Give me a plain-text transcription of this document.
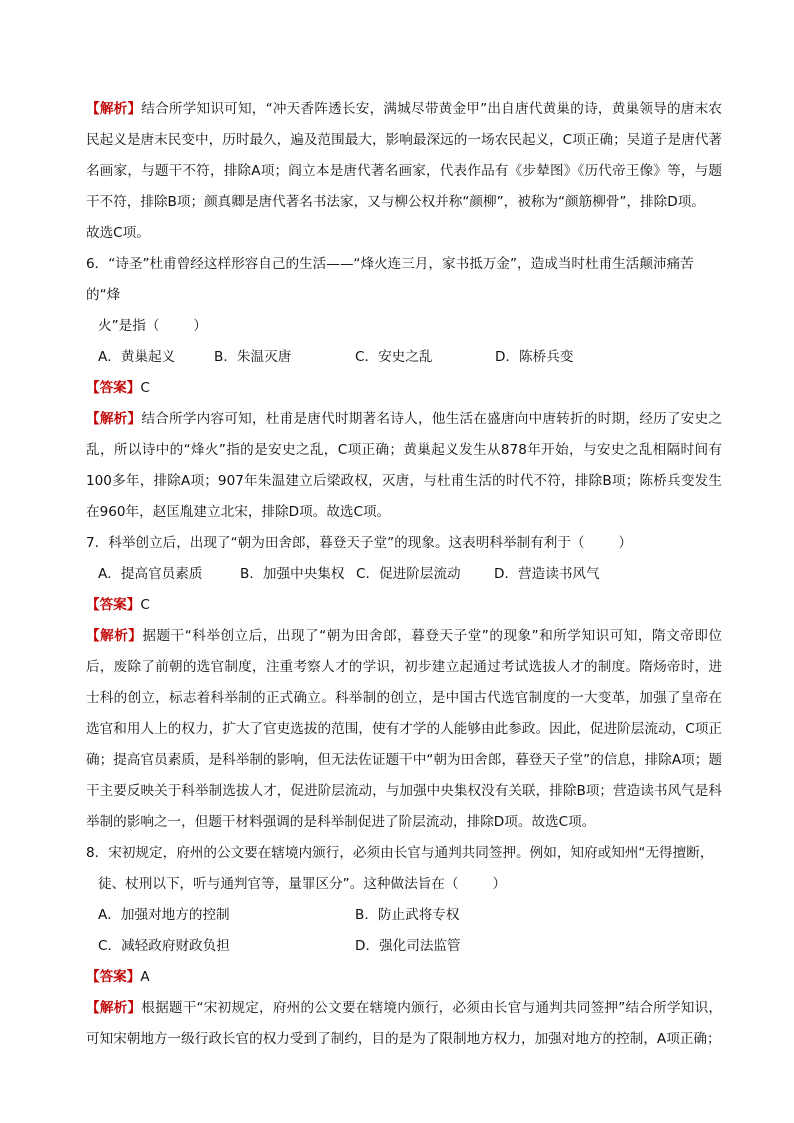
【解析】结合所学知识可知，“冲天香阵透长安，满城尽带黄金甲”出自唐代黄巢的诗，黄巢领导的唐末农民起义是唐末民变中，历时最久，遍及范围最大，影响最深远的一场农民起义，C项正确；吴道子是唐代著名画家，与题干不符，排除A项；阎立本是唐代著名画家，代表作品有《步辇图》《历代帝王像》等，与题干不符，排除B项；颜真卿是唐代著名书法家，又与柳公权并称“颜柳”，被称为“颜筋柳骨”，排除D项。
故选C项。

6．“诗圣”杜甫曾经这样形容自己的生活——“烽火连三月，家书抵万金”，造成当时杜甫生活颠沛痛苦的“烽
火”是指（	）

A．黄巢起义	B．朱温灭唐	C．安史之乱	D．陈桥兵变

【答案】C

【解析】结合所学内容可知，杜甫是唐代时期著名诗人，他生活在盛唐向中唐转折的时期，经历了安史之乱，所以诗中的“烽火”指的是安史之乱，C项正确；黄巢起义发生从878年开始，与安史之乱相隔时间有100多年，排除A项；907年朱温建立后梁政权，灭唐，与杜甫生活的时代不符，排除B项；陈桥兵变发生在960年，赵匡胤建立北宋，排除D项。故选C项。

7．科举创立后，出现了“朝为田舍郎，暮登天子堂”的现象。这表明科举制有利于（	）

A．提高官员素质	B．加强中央集权 C．促进阶层流动	D．营造读书风气

【答案】C

【解析】据题干“科举创立后，出现了“朝为田舍郎，暮登天子堂”的现象”和所学知识可知，隋文帝即位后，废除了前朝的选官制度，注重考察人才的学识，初步建立起通过考试选拔人才的制度。隋炀帝时，进士科的创立，标志着科举制的正式确立。科举制的创立，是中国古代选官制度的一大变革，加强了皇帝在选官和用人上的权力，扩大了官吏选拔的范围，使有才学的人能够由此参政。因此，促进阶层流动，C项正确；提高官员素质，是科举制的影响，但无法佐证题干中“朝为田舍郎，暮登天子堂”的信息，排除A项；题干主要反映关于科举制选拔人才，促进阶层流动，与加强中央集权没有关联，排除B项；营造读书风气是科举制的影响之一，但题干材料强调的是科举制促进了阶层流动，排除D项。故选C项。

8．宋初规定，府州的公文要在辖境内颁行，必须由长官与通判共同签押。例如，知府或知州“无得擅断，
徒、杖刑以下，听与通判官等，量罪区分”。这种做法旨在（	）

A．加强对地方的控制	B．防止武将专权
C．减轻政府财政负担	D．强化司法监管

【答案】A

【解析】根据题干“宋初规定，府州的公文要在辖境内颁行，必须由长官与通判共同签押”结合所学知识，可知宋朝地方一级行政长官的权力受到了制约，目的是为了限制地方权力，加强对地方的控制，A项正确；
